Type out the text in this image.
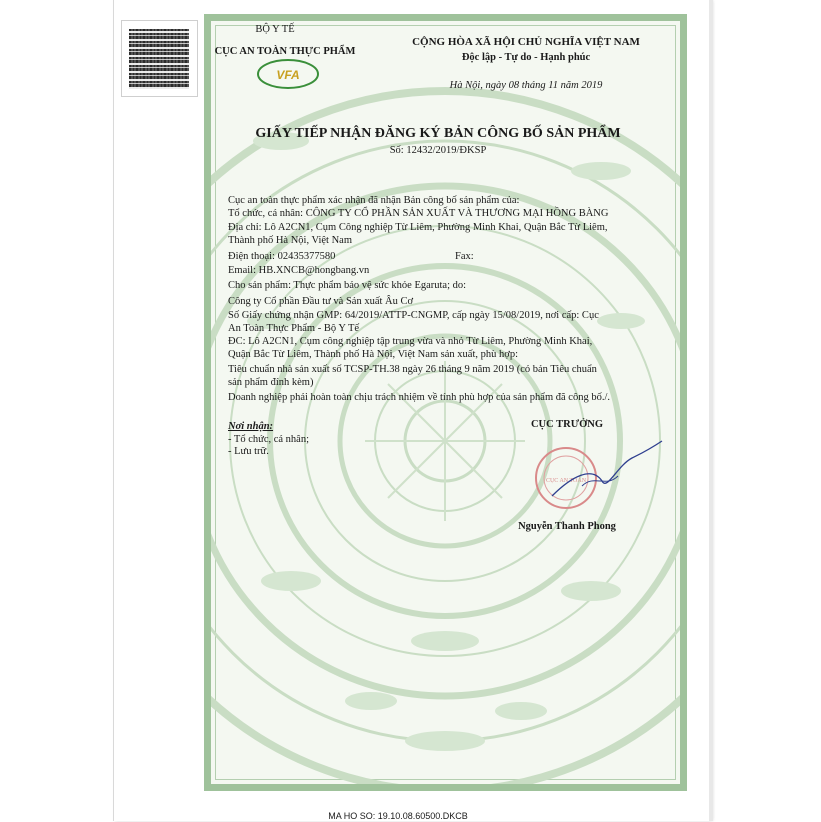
BỘ Y TẾ
CỤC AN TOÀN THỰC PHẨM
VFA
CỘNG HÒA XÃ HỘI CHỦ NGHĨA VIỆT NAM
Độc lập - Tự do - Hạnh phúc
Hà Nội, ngày 08 tháng 11 năm 2019
GIẤY TIẾP NHẬN ĐĂNG KÝ BẢN CÔNG BỐ SẢN PHẨM
Số: 12432/2019/ĐKSP
Cục an toàn thực phẩm xác nhận đã nhận Bản công bố sản phẩm của:
Tổ chức, cá nhân: CÔNG TY CỔ PHẦN SẢN XUẤT VÀ THƯƠNG MẠI HỒNG BÀNG
Địa chỉ: Lô A2CN1, Cụm Công nghiệp Từ Liêm, Phường Minh Khai, Quận Bắc Từ Liêm,
Thành phố Hà Nội, Việt Nam
Điện thoại: 02435377580	Fax:
Email: HB.XNCB@hongbang.vn
Cho sản phẩm: Thực phẩm bảo vệ sức khỏe Egaruta; do:
Công ty Cổ phần Đầu tư và Sản xuất Âu Cơ
Số Giấy chứng nhận GMP: 64/2019/ATTP-CNGMP, cấp ngày 15/08/2019, nơi cấp: Cục
An Toàn Thực Phẩm - Bộ Y Tế
ĐC: Lô A2CN1, Cụm công nghiệp tập trung vừa và nhỏ Từ Liêm, Phường Minh Khai,
Quận Bắc Từ Liêm, Thành phố Hà Nội, Việt Nam sản xuất, phù hợp:
Tiêu chuẩn nhà sản xuất số TCSP-TH.38 ngày 26 tháng 9 năm 2019 (có bản Tiêu chuẩn
sản phẩm đính kèm)
Doanh nghiệp phải hoàn toàn chịu trách nhiệm về tính phù hợp của sản phẩm đã công bố./.
Nơi nhận:
- Tổ chức, cá nhân;
- Lưu trữ.
CỤC TRƯỞNG
CỤC AN TOÀN
Nguyễn Thanh Phong
MA HO SO: 19.10.08.60500.DKCB
